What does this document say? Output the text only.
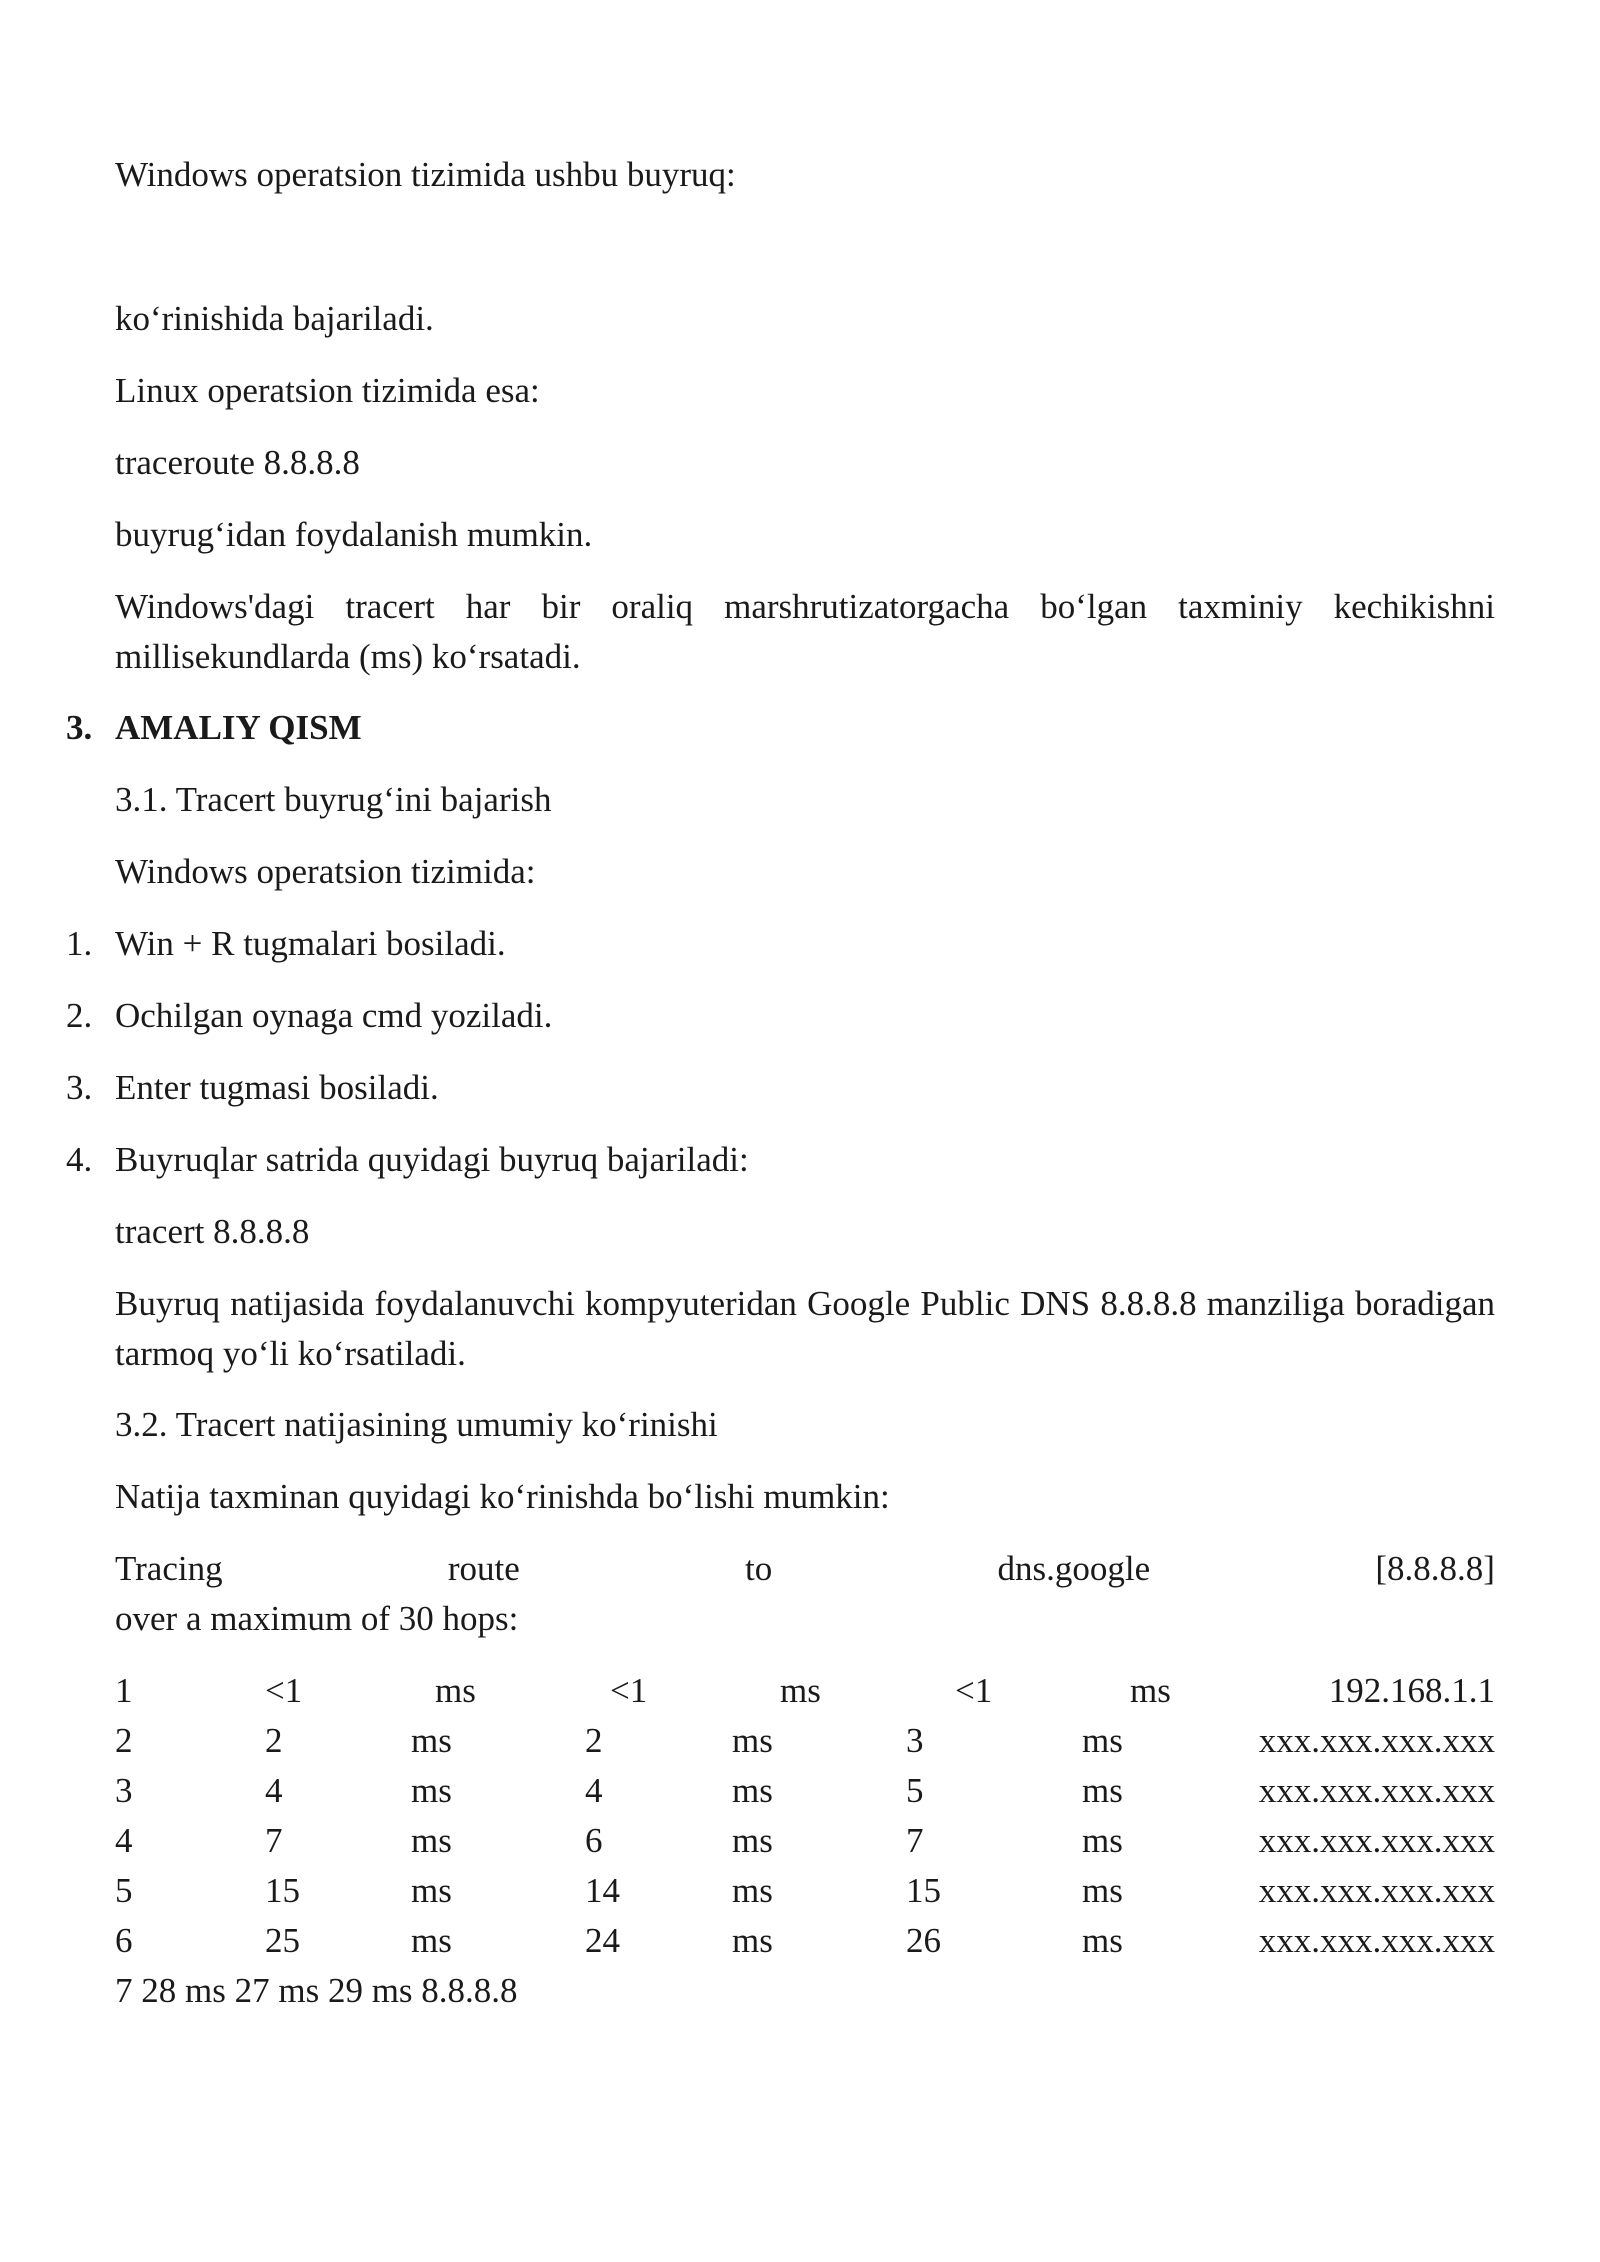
Windows operatsion tizimida ushbu buyruq:

ko‘rinishida bajariladi.

Linux operatsion tizimida esa:

traceroute 8.8.8.8

buyrug‘idan foydalanish mumkin.

Windows'dagi tracert har bir oraliq marshrutizatorgacha bo‘lgan taxminiy kechikishni millisekundlarda (ms) ko‘rsatadi.

3. AMALIY QISM

3.1. Tracert buyrug‘ini bajarish

Windows operatsion tizimida:

1. Win + R tugmalari bosiladi.

2. Ochilgan oynaga cmd yoziladi.

3. Enter tugmasi bosiladi.

4. Buyruqlar satrida quyidagi buyruq bajariladi:

tracert 8.8.8.8

Buyruq natijasida foydalanuvchi kompyuteridan Google Public DNS 8.8.8.8 manziliga boradigan tarmoq yo‘li ko‘rsatiladi.

3.2. Tracert natijasining umumiy ko‘rinishi

Natija taxminan quyidagi ko‘rinishda bo‘lishi mumkin:

Tracing	route	to	dns.google	[8.8.8.8]

over a maximum of 30 hops:

1	<1	ms	<1	ms	<1	ms	192.168.1.1
2	2	ms	2	ms	3	ms	xxx.xxx.xxx.xxx
3	4	ms	4	ms	5	ms	xxx.xxx.xxx.xxx
4	7	ms	6	ms	7	ms	xxx.xxx.xxx.xxx
5	15	ms	14	ms	15	ms	xxx.xxx.xxx.xxx
6	25	ms	24	ms	26	ms	xxx.xxx.xxx.xxx

7 28 ms 27 ms 29 ms 8.8.8.8
